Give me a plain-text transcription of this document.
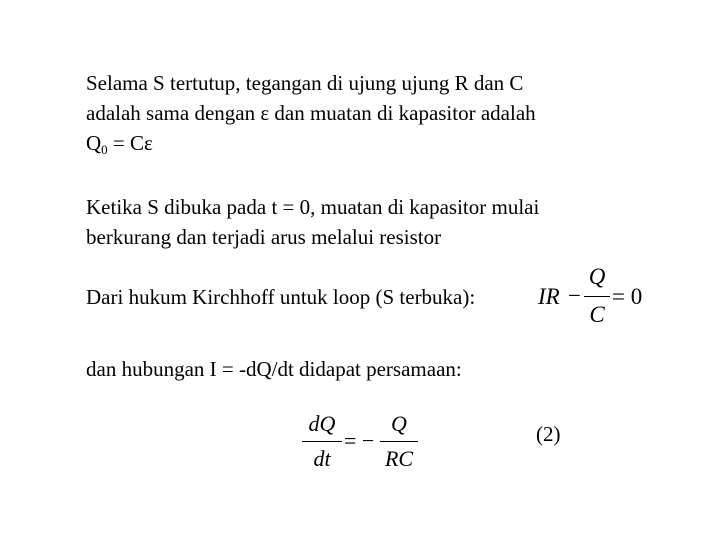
Selama S tertutup, tegangan di ujung ujung R dan C
adalah sama dengan ε dan muatan di kapasitor adalah
$Q_0 = C\varepsilon$
Ketika S dibuka pada t = 0, muatan di kapasitor mulai
berkurang dan terjadi arus melalui resistor
Dari hukum Kirchhoff untuk loop (S terbuka):	IR −
Q
C
= 0
dan hubungan I = -dQ/dt didapat persamaan:
dQ
dt
= −
Q
RC
(2)
